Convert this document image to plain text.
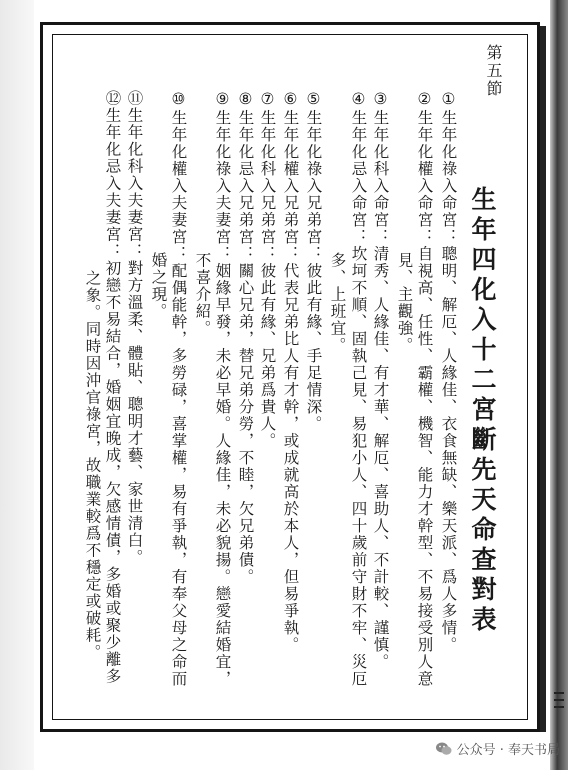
第五節
生年四化入十二宮斷先天命查對表
①生年化祿入命宮：聰明、解厄、人緣佳、衣食無缺、樂天派、爲人多情。
②生年化權入命宮：自視高、任性、霸權、機智、能力才幹型、不易接受別人意
見、主觀強。
③生年化科入命宮：清秀、人緣佳、有才華、解厄、喜助人、不計較、謹慎。
④生年化忌入命宮：坎坷不順、固執己見、易犯小人、四十歲前守財不牢、災厄
多、上班宜。
⑤生年化祿入兄弟宮：彼此有緣、手足情深。
⑥生年化權入兄弟宮：代表兄弟比人有才幹，或成就高於本人，但易爭執。
⑦生年化科入兄弟宮：彼此有緣、兄弟爲貴人。
⑧生年化忌入兄弟宮：關心兄弟，替兄弟分勞，不睦，欠兄弟債。
⑨生年化祿入夫妻宮：姻緣早發，未必早婚。人緣佳，未必貌揚。戀愛結婚宜，
不喜介紹。
⑩生年化權入夫妻宮：配偶能幹，多勞碌，喜掌權，易有爭執，有奉父母之命而
婚之現。
⑪生年化科入夫妻宮：對方溫柔、體貼、聰明才藝、家世清白。
⑫生年化忌入夫妻宮：初戀不易結合，婚姻宜晚成，欠感情債，多婚或聚少離多
之象。同時因沖官祿宮，故職業較爲不穩定或破耗。
公众号 · 奉天书局
